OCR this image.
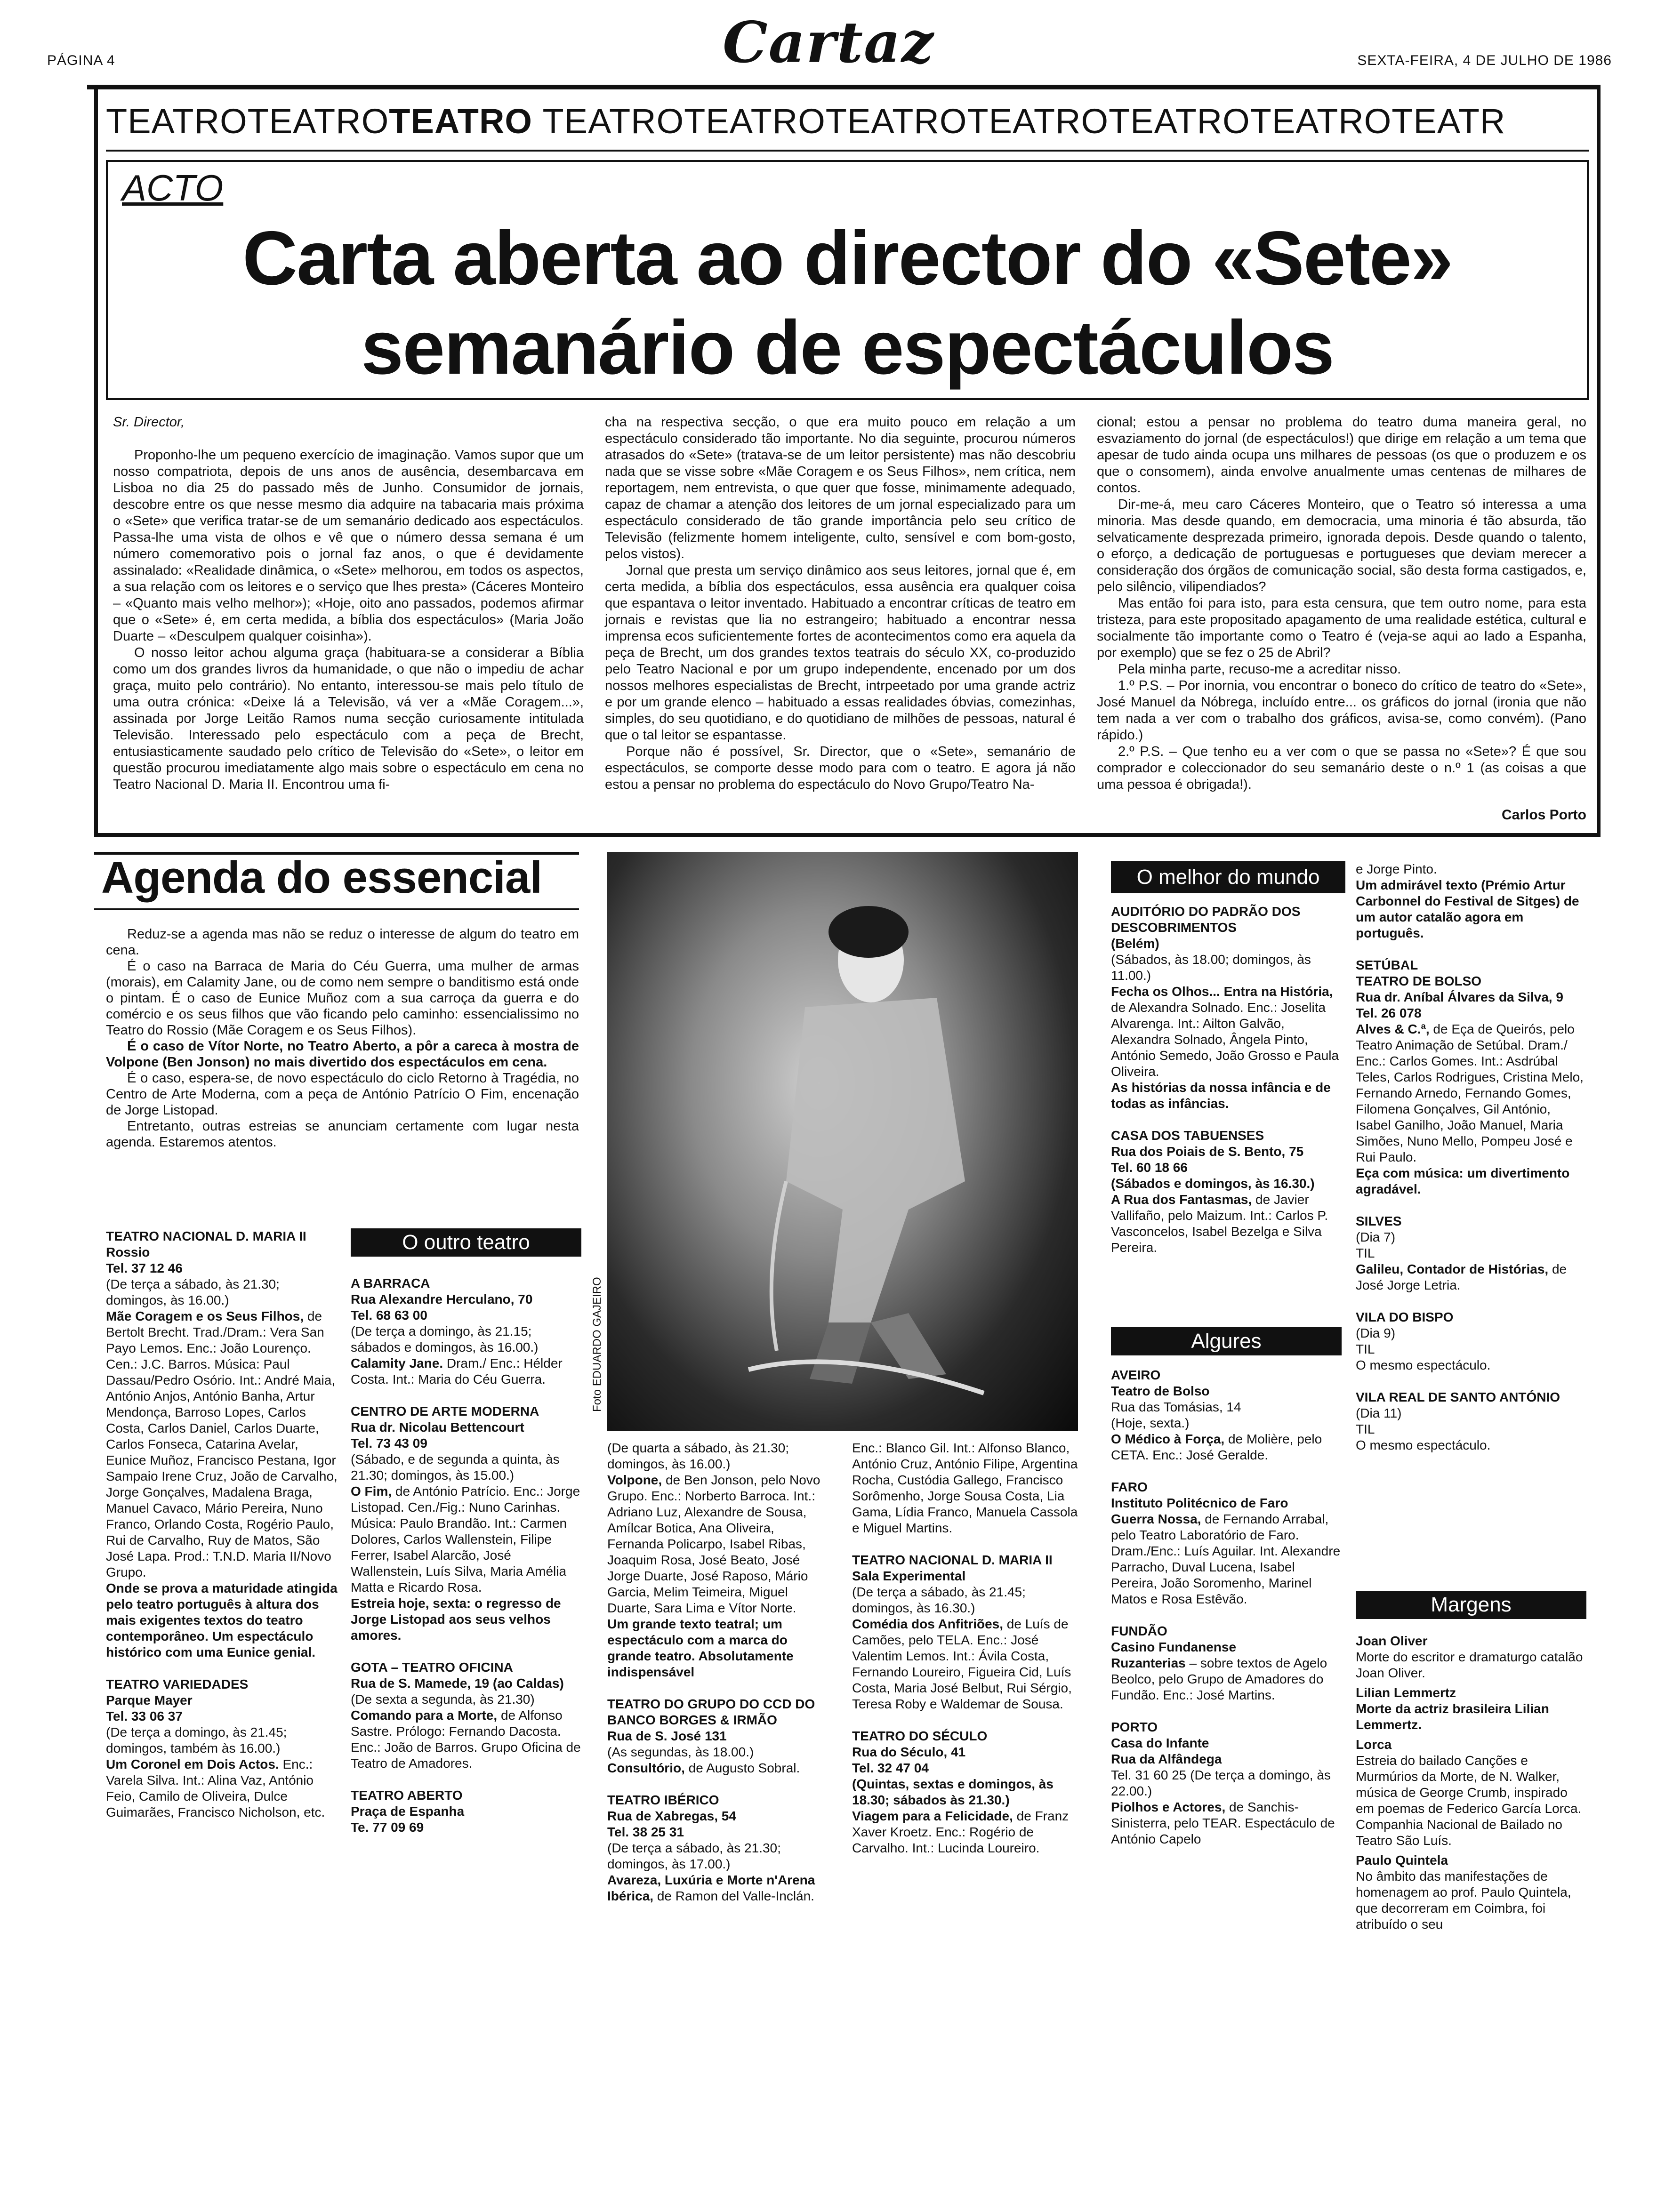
PÁGINA 4	Cartaz	SEXTA-FEIRA, 4 DE JULHO DE 1986
TEATROTEATROTEATRO TEATROTEATROTEATROTEATROTEATROTEATROTEATR
ACTO
Carta aberta ao director do «Sete»
semanário de espectáculos

Sr. Director,

Proponho-lhe um pequeno exercício de imaginação. Vamos supor que um nosso compatriota, depois de uns anos de ausência, desembarcava em Lisboa no dia 25 do passado mês de Junho. Consumidor de jornais, descobre entre os que nesse mesmo dia adquire na tabacaria mais próxima o «Sete» que verifica tratar-se de um semanário dedicado aos espectáculos. Passa-lhe uma vista de olhos e vê que o número dessa semana é um número comemorativo pois o jornal faz anos, o que é devidamente assinalado: «Realidade dinâmica, o «Sete» melhorou, em todos os aspectos, a sua relação com os leitores e o serviço que lhes presta» (Cáceres Monteiro – «Quanto mais velho melhor»); «Hoje, oito ano passados, podemos afirmar que o «Sete» é, em certa medida, a bíblia dos espectáculos» (Maria João Duarte – «Desculpem qualquer coisinha»).

O nosso leitor achou alguma graça (habituara-se a considerar a Bíblia como um dos grandes livros da humanidade, o que não o impediu de achar graça, muito pelo contrário). No entanto, interessou-se mais pelo título de uma outra crónica: «Deixe lá a Televisão, vá ver a «Mãe Coragem...», assinada por Jorge Leitão Ramos numa secção curiosamente intitulada Televisão. Interessado pelo espectáculo com a peça de Brecht, entusiasticamente saudado pelo crítico de Televisão do «Sete», o leitor em questão procurou imediatamente algo mais sobre o espectáculo em cena no Teatro Nacional D. Maria II. Encontrou uma fi-

cha na respectiva secção, o que era muito pouco em relação a um espectáculo considerado tão importante. No dia seguinte, procurou números atrasados do «Sete» (tratava-se de um leitor persistente) mas não descobriu nada que se visse sobre «Mãe Coragem e os Seus Filhos», nem crítica, nem reportagem, nem entrevista, o que quer que fosse, minimamente adequado, capaz de chamar a atenção dos leitores de um jornal especializado para um espectáculo considerado de tão grande importância pelo seu crítico de Televisão (felizmente homem inteligente, culto, sensível e com bom-gosto, pelos vistos).

Jornal que presta um serviço dinâmico aos seus leitores, jornal que é, em certa medida, a bíblia dos espectáculos, essa ausência era qualquer coisa que espantava o leitor inventado. Habituado a encontrar críticas de teatro em jornais e revistas que lia no estrangeiro; habituado a encontrar nessa imprensa ecos suficientemente fortes de acontecimentos como era aquela da peça de Brecht, um dos grandes textos teatrais do século XX, co-produzido pelo Teatro Nacional e por um grupo independente, encenado por um dos nossos melhores especialistas de Brecht, intrpeetado por uma grande actriz e por um grande elenco – habituado a essas realidades óbvias, comezinhas, simples, do seu quotidiano, e do quotidiano de milhões de pessoas, natural é que o tal leitor se espantasse.

Porque não é possível, Sr. Director, que o «Sete», semanário de espectáculos, se comporte desse modo para com o teatro. E agora já não estou a pensar no problema do espectáculo do Novo Grupo/Teatro Na-

cional; estou a pensar no problema do teatro duma maneira geral, no esvaziamento do jornal (de espectáculos!) que dirige em relação a um tema que apesar de tudo ainda ocupa uns milhares de pessoas (os que o produzem e os que o consomem), ainda envolve anualmente umas centenas de milhares de contos.

Dir-me-á, meu caro Cáceres Monteiro, que o Teatro só interessa a uma minoria. Mas desde quando, em democracia, uma minoria é tão absurda, tão selvaticamente desprezada primeiro, ignorada depois. Desde quando o talento, o eforço, a dedicação de portuguesas e portugueses que deviam merecer a consideração dos órgãos de comunicação social, são desta forma castigados, e, pelo silêncio, vilipendiados?

Mas então foi para isto, para esta censura, que tem outro nome, para esta tristeza, para este propositado apagamento de uma realidade estética, cultural e socialmente tão importante como o Teatro é (veja-se aqui ao lado a Espanha, por exemplo) que se fez o 25 de Abril?

Pela minha parte, recuso-me a acreditar nisso.

1.º P.S. – Por inornia, vou encontrar o boneco do crítico de teatro do «Sete», José Manuel da Nóbrega, incluído entre... os gráficos do jornal (ironia que não tem nada a ver com o trabalho dos gráficos, avisa-se, como convém). (Pano rápido.)

2.º P.S. – Que tenho eu a ver com o que se passa no «Sete»? É que sou comprador e coleccionador do seu semanário deste o n.º 1 (as coisas a que uma pessoa é obrigada!).

Carlos Porto
Agenda do essencial

Reduz-se a agenda mas não se reduz o interesse de algum do teatro em cena.

É o caso na Barraca de Maria do Céu Guerra, uma mulher de armas (morais), em Calamity Jane, ou de como nem sempre o banditismo está onde o pintam. É o caso de Eunice Muñoz com a sua carroça da guerra e do comércio e os seus filhos que vão ficando pelo caminho: essencialissimo no Teatro do Rossio (Mãe Coragem e os Seus Filhos).

É o caso de Vítor Norte, no Teatro Aberto, a pôr a careca à mostra de Volpone (Ben Jonson) no mais divertido dos espectáculos em cena.

É o caso, espera-se, de novo espectáculo do ciclo Retorno à Tragédia, no Centro de Arte Moderna, com a peça de António Patrício O Fim, encenação de Jorge Listopad.

Entretanto, outras estreias se anunciam certamente com lugar nesta agenda. Estaremos atentos.

TEATRO NACIONAL D. MARIA II
Rossio
Tel. 37 12 46

(De terça a sábado, às 21.30; domingos, às 16.00.)

Mãe Coragem e os Seus Filhos, de Bertolt Brecht. Trad./Dram.: Vera San Payo Lemos. Enc.: João Lourenço. Cen.: J.C. Barros. Música: Paul Dassau/Pedro Osório. Int.: André Maia, António Anjos, António Banha, Artur Mendonça, Barroso Lopes, Carlos Costa, Carlos Daniel, Carlos Duarte, Carlos Fonseca, Catarina Avelar, Eunice Muñoz, Francisco Pestana, Igor Sampaio Irene Cruz, João de Carvalho, Jorge Gonçalves, Madalena Braga, Manuel Cavaco, Mário Pereira, Nuno Franco, Orlando Costa, Rogério Paulo, Rui de Carvalho, Ruy de Matos, São José Lapa. Prod.: T.N.D. Maria II/Novo Grupo.

Onde se prova a maturidade atingida pelo teatro português à altura dos mais exigentes textos do teatro contemporâneo. Um espectáculo histórico com uma Eunice genial.

TEATRO VARIEDADES
Parque Mayer
Tel. 33 06 37

(De terça a domingo, às 21.45; domingos, também às 16.00.)

Um Coronel em Dois Actos. Enc.: Varela Silva. Int.: Alina Vaz, António Feio, Camilo de Oliveira, Dulce Guimarães, Francisco Nicholson, etc.

O outro teatro
A BARRACA
Rua Alexandre Herculano, 70
Tel. 68 63 00

(De terça a domingo, às 21.15; sábados e domingos, às 16.00.)

Calamity Jane. Dram./ Enc.: Hélder Costa. Int.: Maria do Céu Guerra.

CENTRO DE ARTE MODERNA
Rua dr. Nicolau Bettencourt
Tel. 73 43 09

(Sábado, e de segunda a quinta, às 21.30; domingos, às 15.00.)

O Fim, de António Patrício. Enc.: Jorge Listopad. Cen./Fig.: Nuno Carinhas. Música: Paulo Brandão. Int.: Carmen Dolores, Carlos Wallenstein, Filipe Ferrer, Isabel Alarcão, José Wallenstein, Luís Silva, Maria Amélia Matta e Ricardo Rosa.

Estreia hoje, sexta: o regresso de Jorge Listopad aos seus velhos amores.

GOTA – TEATRO OFICINA
Rua de S. Mamede, 19 (ao Caldas)

(De sexta a segunda, às 21.30)

Comando para a Morte, de Alfonso Sastre. Prólogo: Fernando Dacosta. Enc.: João de Barros. Grupo Oficina de Teatro de Amadores.

TEATRO ABERTO
Praça de Espanha
Te. 77 09 69
Foto EDUARDO GAJEIRO

(De quarta a sábado, às 21.30; domingos, às 16.00.)

Volpone, de Ben Jonson, pelo Novo Grupo. Enc.: Norberto Barroca. Int.: Adriano Luz, Alexandre de Sousa, Amílcar Botica, Ana Oliveira, Fernanda Policarpo, Isabel Ribas, Joaquim Rosa, José Beato, José Jorge Duarte, José Raposo, Mário Garcia, Melim Teimeira, Miguel Duarte, Sara Lima e Vítor Norte.

Um grande texto teatral; um espectáculo com a marca do grande teatro. Absolutamente indispensável

TEATRO DO GRUPO DO CCD DO BANCO BORGES & IRMÃO
Rua de S. José 131

(As segundas, às 18.00.)

Consultório, de Augusto Sobral.

TEATRO IBÉRICO
Rua de Xabregas, 54
Tel. 38 25 31

(De terça a sábado, às 21.30; domingos, às 17.00.)

Avareza, Luxúria e Morte n'Arena Ibérica, de Ramon del Valle-Inclán.

Enc.: Blanco Gil. Int.: Alfonso Blanco, António Cruz, António Filipe, Argentina Rocha, Custódia Gallego, Francisco Sorômenho, Jorge Sousa Costa, Lia Gama, Lídia Franco, Manuela Cassola e Miguel Martins.

TEATRO NACIONAL D. MARIA II
Sala Experimental

(De terça a sábado, às 21.45; domingos, às 16.30.)

Comédia dos Anfitriões, de Luís de Camões, pelo TELA. Enc.: José Valentim Lemos. Int.: Ávila Costa, Fernando Loureiro, Figueira Cid, Luís Costa, Maria José Belbut, Rui Sérgio, Teresa Roby e Waldemar de Sousa.

TEATRO DO SÉCULO
Rua do Século, 41
Tel. 32 47 04

(Quintas, sextas e domingos, às 18.30; sábados às 21.30.)

Viagem para a Felicidade, de Franz Xaver Kroetz. Enc.: Rogério de Carvalho. Int.: Lucinda Loureiro.

O melhor do mundo
AUDITÓRIO DO PADRÃO DOS DESCOBRIMENTOS
(Belém)

(Sábados, às 18.00; domingos, às 11.00.)

Fecha os Olhos... Entra na História, de Alexandra Solnado. Enc.: Joselita Alvarenga. Int.: Ailton Galvão, Alexandra Solnado, Ângela Pinto, António Semedo, João Grosso e Paula Oliveira.

As histórias da nossa infância e de todas as infâncias.

CASA DOS TABUENSES
Rua dos Poiais de S. Bento, 75
Tel. 60 18 66

(Sábados e domingos, às 16.30.)

A Rua dos Fantasmas, de Javier Vallifaño, pelo Maizum. Int.: Carlos P. Vasconcelos, Isabel Bezelga e Silva Pereira.

Algures
AVEIRO
Teatro de Bolso

Rua das Tomásias, 14

(Hoje, sexta.)

O Médico à Força, de Molière, pelo CETA. Enc.: José Geralde.

FARO
Instituto Politécnico de Faro

Guerra Nossa, de Fernando Arrabal, pelo Teatro Laboratório de Faro. Dram./Enc.: Luís Aguilar. Int. Alexandre Parracho, Duval Lucena, Isabel Pereira, João Soromenho, Marinel Matos e Rosa Estêvão.

FUNDÃO
Casino Fundanense

Ruzanterias – sobre textos de Agelo Beolco, pelo Grupo de Amadores do Fundão. Enc.: José Martins.

PORTO
Casa do Infante
Rua da Alfândega

Tel. 31 60 25 (De terça a domingo, às 22.00.)

Piolhos e Actores, de Sanchis-Sinisterra, pelo TEAR. Espectáculo de António Capelo

e Jorge Pinto.

Um admirável texto (Prémio Artur Carbonnel do Festival de Sitges) de um autor catalão agora em português.

SETÚBAL
TEATRO DE BOLSO
Rua dr. Aníbal Álvares da Silva, 9
Tel. 26 078

Alves & C.ª, de Eça de Queirós, pelo Teatro Animação de Setúbal. Dram./ Enc.: Carlos Gomes. Int.: Asdrúbal Teles, Carlos Rodrigues, Cristina Melo, Fernando Arnedo, Fernando Gomes, Filomena Gonçalves, Gil António, Isabel Ganilho, João Manuel, Maria Simões, Nuno Mello, Pompeu José e Rui Paulo.

Eça com música: um divertimento agradável.

SILVES

(Dia 7)

TIL

Galileu, Contador de Histórias, de José Jorge Letria.

VILA DO BISPO

(Dia 9)

TIL

O mesmo espectáculo.

VILA REAL DE SANTO ANTÓNIO

(Dia 11)

TIL

O mesmo espectáculo.

Margens
Joan Oliver

Morte do escritor e dramaturgo catalão Joan Oliver.

Lilian Lemmertz

Morte da actriz brasileira Lilian Lemmertz.

Lorca

Estreia do bailado Canções e Murmúrios da Morte, de N. Walker, música de George Crumb, inspirado em poemas de Federico García Lorca. Companhia Nacional de Bailado no Teatro São Luís.

Paulo Quintela

No âmbito das manifestações de homenagem ao prof. Paulo Quintela, que decorreram em Coimbra, foi atribuído o seu
